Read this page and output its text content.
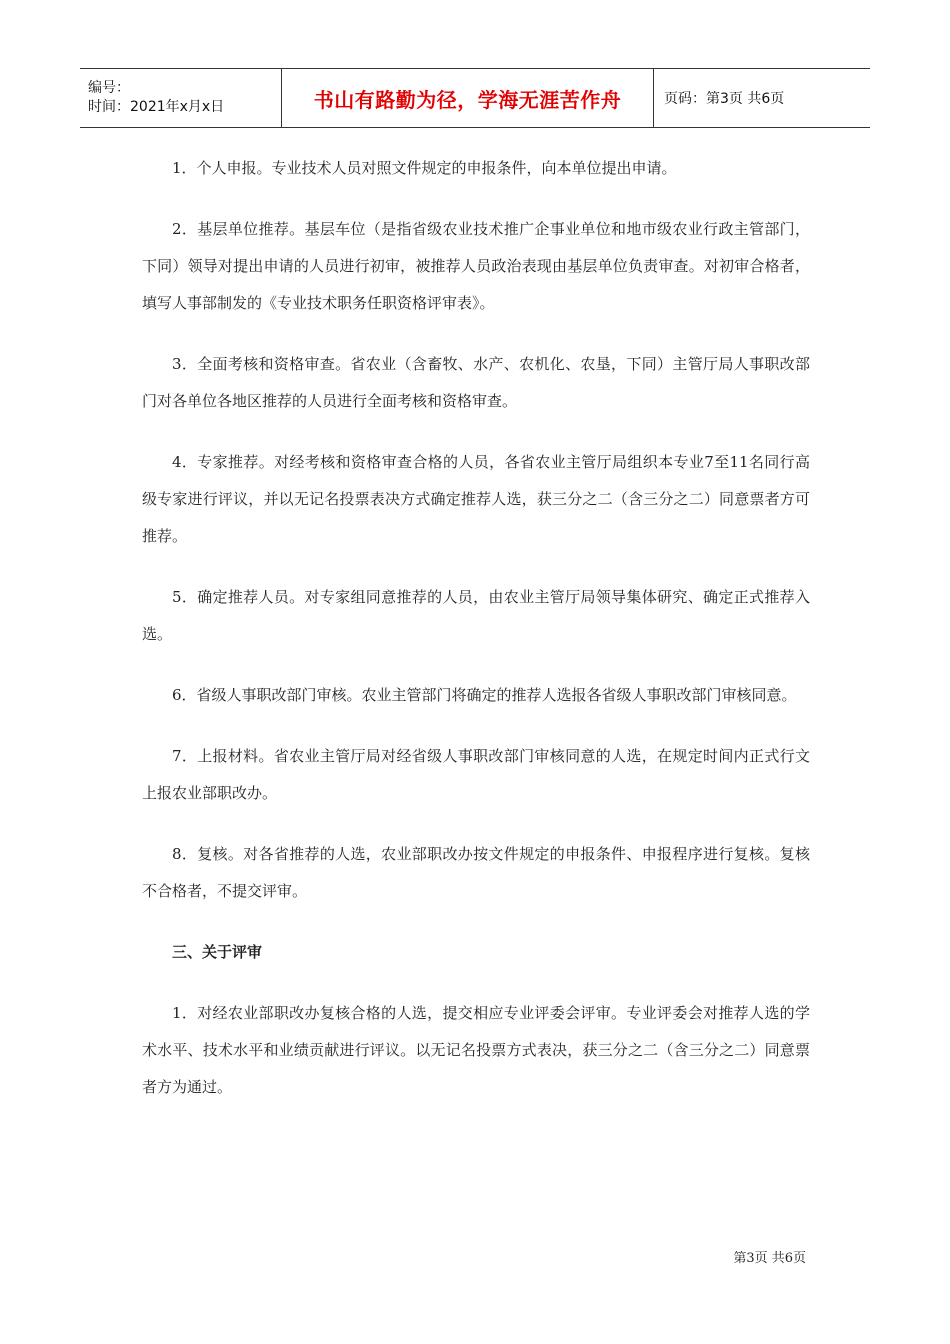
编号：
时间：2021年x月x日	书山有路勤为径，学海无涯苦作舟	页码：第3页 共6页

1．个人申报。专业技术人员对照文件规定的申报条件，向本单位提出申请。

2．基层单位推荐。基层车位（是指省级农业技术推广企事业单位和地市级农业行政主管部门，下同）领导对提出申请的人员进行初审，被推荐人员政治表现由基层单位负责审查。对初审合格者，填写人事部制发的《专业技术职务任职资格评审表》。

3．全面考核和资格审查。省农业（含畜牧、水产、农机化、农垦，下同）主管厅局人事职改部门对各单位各地区推荐的人员进行全面考核和资格审查。

4．专家推荐。对经考核和资格审查合格的人员，各省农业主管厅局组织本专业7至11名同行高级专家进行评议，并以无记名投票表决方式确定推荐人选，获三分之二（含三分之二）同意票者方可推荐。

5．确定推荐人员。对专家组同意推荐的人员，由农业主管厅局领导集体研究、确定正式推荐入选。

6．省级人事职改部门审核。农业主管部门将确定的推荐人选报各省级人事职改部门审核同意。

7．上报材料。省农业主管厅局对经省级人事职改部门审核同意的人选，在规定时间内正式行文上报农业部职改办。

8．复核。对各省推荐的人选，农业部职改办按文件规定的申报条件、申报程序进行复核。复核不合格者，不提交评审。

三、关于评审

1．对经农业部职改办复核合格的人选，提交相应专业评委会评审。专业评委会对推荐人选的学术水平、技术水平和业绩贡献进行评议。以无记名投票方式表决，获三分之二（含三分之二）同意票者方为通过。

第3页 共6页
